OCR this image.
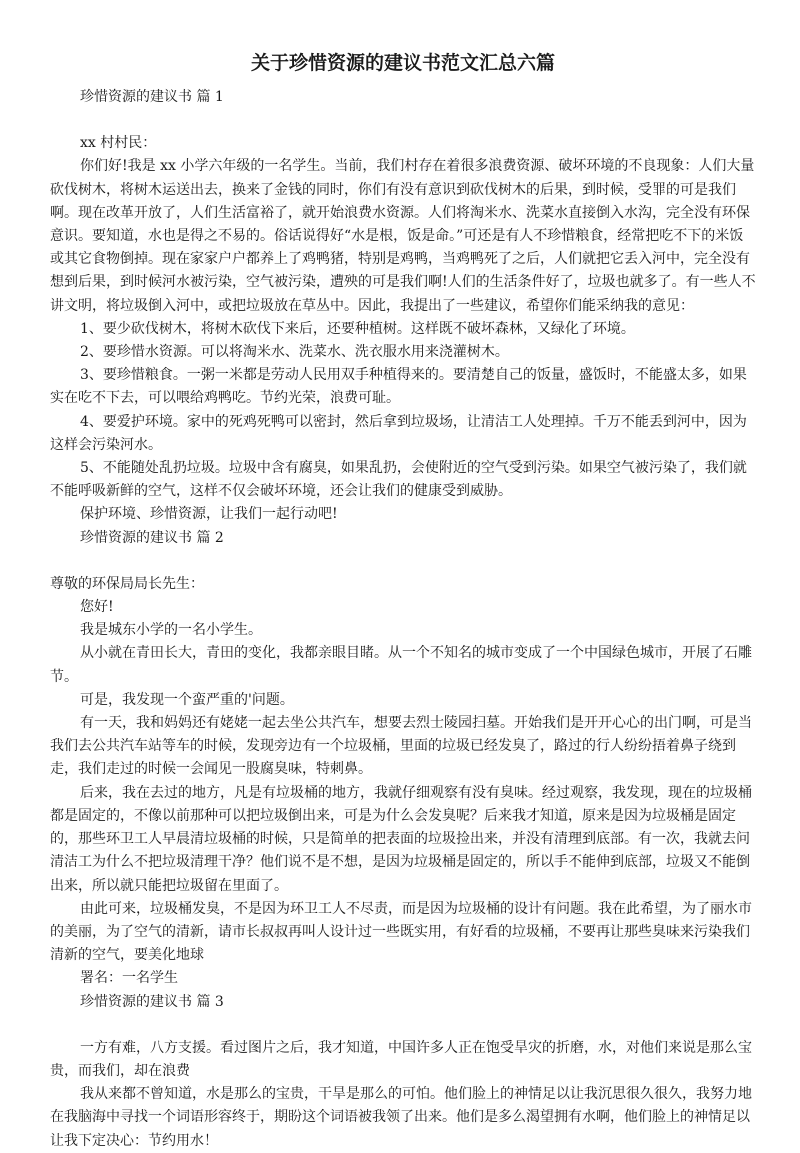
关于珍惜资源的建议书范文汇总六篇

珍惜资源的建议书 篇 1

xx 村村民：

你们好!我是 xx 小学六年级的一名学生。当前，我们村存在着很多浪费资源、破坏环境的不良现象：人们大量砍伐树木，将树木运送出去，换来了金钱的同时，你们有没有意识到砍伐树木的后果，到时候，受罪的可是我们啊。现在改革开放了，人们生活富裕了，就开始浪费水资源。人们将淘米水、洗菜水直接倒入水沟，完全没有环保意识。要知道，水也是得之不易的。俗话说得好“水是根，饭是命。”可还是有人不珍惜粮食，经常把吃不下的米饭或其它食物倒掉。现在家家户户都养上了鸡鸭猪，特别是鸡鸭，当鸡鸭死了之后，人们就把它丢入河中，完全没有想到后果，到时候河水被污染，空气被污染，遭殃的可是我们啊!人们的生活条件好了，垃圾也就多了。有一些人不讲文明，将垃圾倒入河中，或把垃圾放在草丛中。因此，我提出了一些建议，希望你们能采纳我的意见：

1、要少砍伐树木，将树木砍伐下来后，还要种植树。这样既不破坏森林，又绿化了环境。

2、要珍惜水资源。可以将淘米水、洗菜水、洗衣服水用来浇灌树木。

3、要珍惜粮食。一粥一米都是劳动人民用双手种植得来的。要清楚自己的饭量，盛饭时，不能盛太多，如果实在吃不下去，可以喂给鸡鸭吃。节约光荣，浪费可耻。

4、要爱护环境。家中的死鸡死鸭可以密封，然后拿到垃圾场，让清洁工人处理掉。千万不能丢到河中，因为这样会污染河水。

5、不能随处乱扔垃圾。垃圾中含有腐臭，如果乱扔，会使附近的空气受到污染。如果空气被污染了，我们就不能呼吸新鲜的空气，这样不仅会破坏环境，还会让我们的健康受到威胁。

保护环境、珍惜资源，让我们一起行动吧!

珍惜资源的建议书 篇 2

尊敬的环保局局长先生：

您好!

我是城东小学的一名小学生。

从小就在青田长大，青田的变化，我都亲眼目睹。从一个不知名的城市变成了一个中国绿色城市，开展了石雕节。

可是，我发现一个蛮严重的'问题。

有一天，我和妈妈还有姥姥一起去坐公共汽车，想要去烈士陵园扫墓。开始我们是开开心心的出门啊，可是当我们去公共汽车站等车的时候，发现旁边有一个垃圾桶，里面的垃圾已经发臭了，路过的行人纷纷捂着鼻子绕到走，我们走过的时候一会闻见一股腐臭味，特刺鼻。

后来，我在去过的地方，凡是有垃圾桶的地方，我就仔细观察有没有臭味。经过观察，我发现，现在的垃圾桶都是固定的，不像以前那种可以把垃圾倒出来，可是为什么会发臭呢？后来我才知道，原来是因为垃圾桶是固定的，那些环卫工人早晨清垃圾桶的时候，只是简单的把表面的垃圾捡出来，并没有清理到底部。有一次，我就去问清洁工为什么不把垃圾清理干净？他们说不是不想，是因为垃圾桶是固定的，所以手不能伸到底部，垃圾又不能倒出来，所以就只能把垃圾留在里面了。

由此可来，垃圾桶发臭，不是因为环卫工人不尽责，而是因为垃圾桶的设计有问题。我在此希望，为了丽水市的美丽，为了空气的清新，请市长叔叔再叫人设计过一些既实用，有好看的垃圾桶，不要再让那些臭味来污染我们清新的空气，要美化地球

署名：一名学生

珍惜资源的建议书 篇 3

一方有难，八方支援。看过图片之后，我才知道，中国许多人正在饱受旱灾的折磨，水，对他们来说是那么宝贵，而我们，却在浪费

我从来都不曾知道，水是那么的宝贵，干旱是那么的可怕。他们脸上的神情足以让我沉思很久很久，我努力地在我脑海中寻找一个词语形容终于，期盼这个词语被我领了出来。他们是多么渴望拥有水啊，他们脸上的神情足以让我下定决心：节约用水！
